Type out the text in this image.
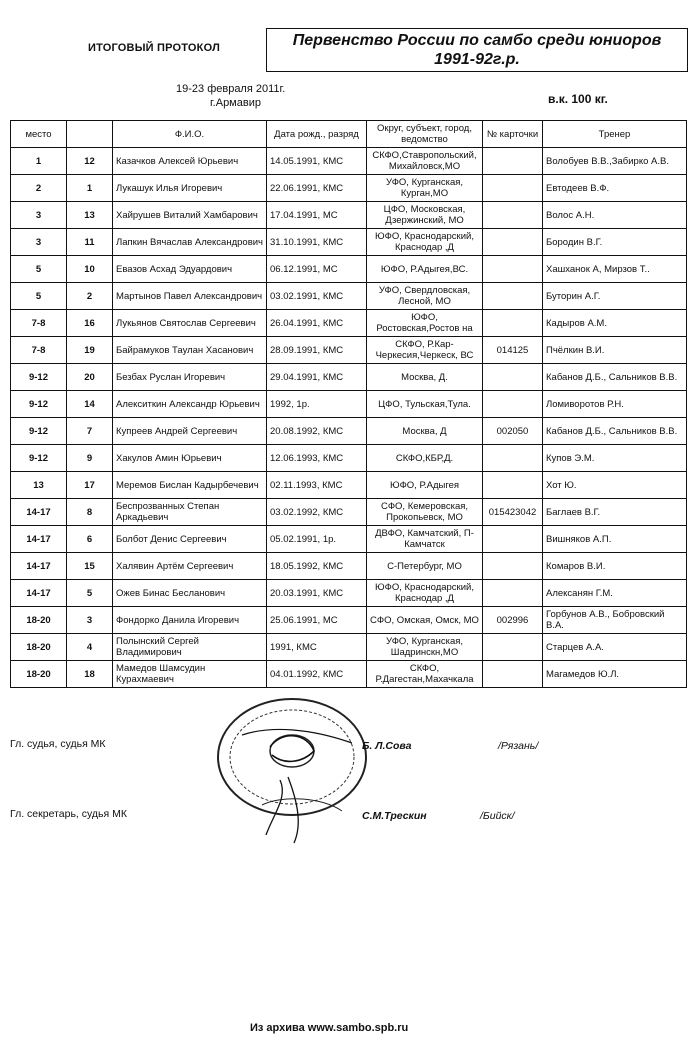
ИТОГОВЫЙ ПРОТОКОЛ	Первенство России по самбо среди юниоров
1991-92г.р.
19-23 февраля 2011г.
г.Армавир	в.к. 100 кг.
место		Ф.И.О.	Дата рожд., разряд	Округ, субъект, город, ведомство	№ карточки	Тренер
1	12	Казачков Алексей Юрьевич	14.05.1991, КМС	СКФО,Ставропольский, Михайловск,МО		Волобуев В.В.,Забирко А.В.
2	1	Лукашук Илья Игоревич	22.06.1991, КМС	УФО, Курганская, Курган,МО		Евтодеев В.Ф.
3	13	Хайрушев Виталий Хамбарович	17.04.1991, МС	ЦФО, Московская, Дзержинский, МО		Волос А.Н.
3	11	Лапкин Вячаслав Александрович	31.10.1991, КМС	ЮФО, Краснодарский, Краснодар ,Д		Бородин В.Г.
5	10	Евазов Асхад Эдуардович	06.12.1991, МС	ЮФО, Р.Адыгея,ВС.		Хашханок А, Мирзов Т..
5	2	Мартынов Павел Александрович	03.02.1991, КМС	УФО, Свердловская, Лесной, МО		Буторин А.Г.
7-8	16	Лукьянов Святослав Сергеевич	26.04.1991, КМС	ЮФО, Ростовская,Ростов на		Кадыров А.М.
7-8	19	Байрамуков Таулан Хасанович	28.09.1991, КМС	СКФО, Р.Кар-Черкесия,Черкеск, ВС	014125	Пчёлкин В.И.
9-12	20	Безбах Руслан Игоревич	29.04.1991, КМС	Москва, Д.		Кабанов Д.Б., Сальников В.В.
9-12	14	Алекситкин Александр Юрьевич	1992, 1р.	ЦФО, Тульская,Тула.		Ломиворотов Р.Н.
9-12	7	Купреев Андрей Сергеевич	20.08.1992, КМС	Москва, Д	002050	Кабанов Д.Б., Сальников В.В.
9-12	9	Хакулов Амин Юрьевич	12.06.1993, КМС	СКФО,КБР,Д.		Купов Э.М.
13	17	Меремов Бислан Кадырбечевич	02.11.1993, КМС	ЮФО, Р.Адыгея		Хот Ю.
14-17	8	Беспрозванных Степан Аркадьевич	03.02.1992, КМС	СФО, Кемеровская, Прокопьевск, МО	015423042	Баглаев В.Г.
14-17	6	Болбот Денис Сергеевич	05.02.1991, 1р.	ДВФО, Камчатский, П-Камчатск		Вишняков А.П.
14-17	15	Халявин Артём Сергеевич	18.05.1992, КМС	С-Петербург, МО		Комаров В.И.
14-17	5	Ожев Бинас Бесланович	20.03.1991, КМС	ЮФО, Краснодарский, Краснодар ,Д		Алексанян Г.М.
18-20	3	Фондорко Данила Игоревич	25.06.1991, МС	СФО, Омская, Омск, МО	002996	Горбунов А.В., Бобровский В.А.
18-20	4	Полынский Сергей Владимирович	1991, КМС	УФО, Курганская, Шадринскн,МО		Старцев А.А.
18-20	18	Мамедов Шамсудин Курахмаевич	04.01.1992, КМС	СКФО, Р.Дагестан,Махачкала		Магамедов Ю.Л.
Гл. судья, судья МК	Б. Л.Сова	/Рязань/
Гл. секретарь, судья МК	С.М.Трескин	/Бийск/
Из архива www.sambo.spb.ru
